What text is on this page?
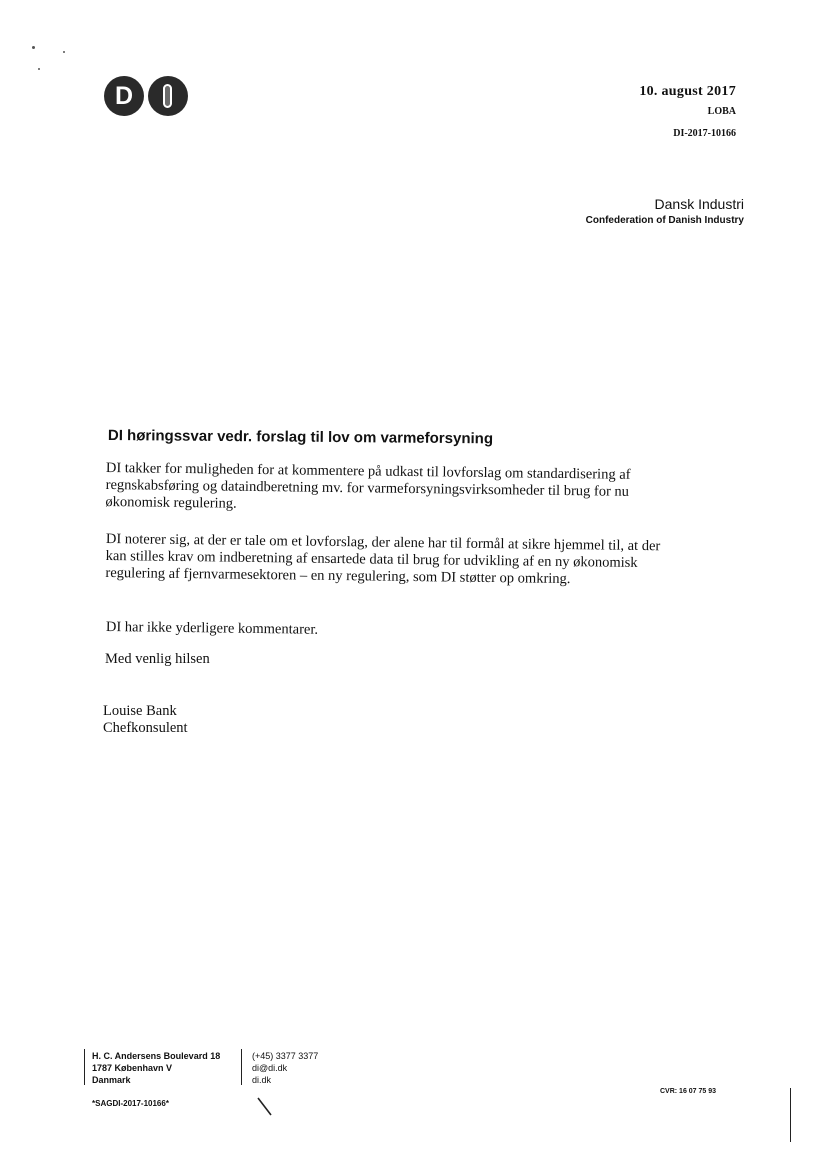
D	10. august 2017
LOBA
DI-2017-10166
Dansk Industri
Confederation of Danish Industry
DI høringssvar vedr. forslag til lov om varmeforsyning
DI takker for muligheden for at kommentere på udkast til lovforslag om standardisering af regnskabsføring og dataindberetning mv. for varmeforsyningsvirksomheder til brug for nu økonomisk regulering.
DI noterer sig, at der er tale om et lovforslag, der alene har til formål at sikre hjemmel til, at der kan stilles krav om indberetning af ensartede data til brug for udvikling af en ny økonomisk regulering af fjernvarmesektoren – en ny regulering, som DI støtter op omkring.
DI har ikke yderligere kommentarer.
Med venlig hilsen
Louise Bank
Chefkonsulent
H. C. Andersens Boulevard 18
1787 København V
Danmark
(+45) 3377 3377
di@di.dk
di.dk
*SAGDI-2017-10166*
CVR: 16 07 75 93
